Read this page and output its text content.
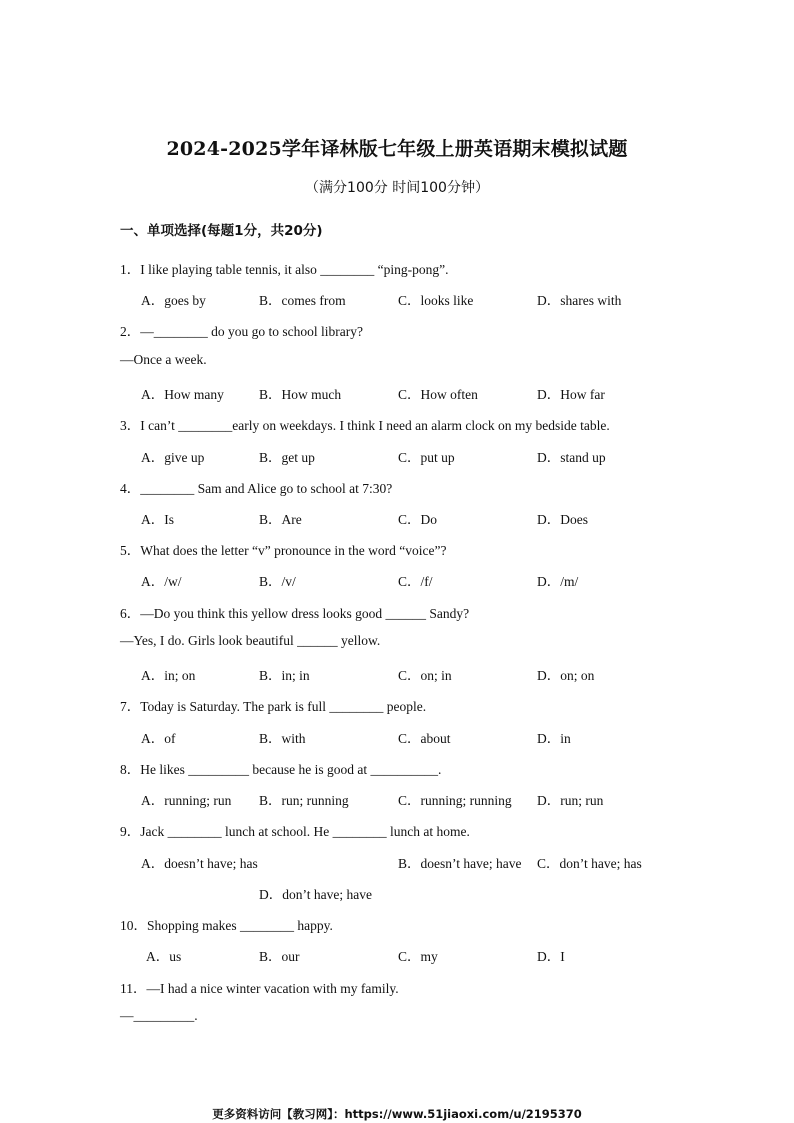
2024-2025学年译林版七年级上册英语期末模拟试题
（满分100分 时间100分钟）
一、单项选择(每题1分，共20分)
1．I like playing table tennis, it also ________ “ping-pong”.
A．goes by	B．comes from	C．looks like	D．shares with
2．—________ do you go to school library?
—Once a week.
A．How many	B．How much	C．How often	D．How far
3．I can’t ________early on weekdays. I think I need an alarm clock on my bedside table.
A．give up	B．get up	C．put up	D．stand up
4．________ Sam and Alice go to school at 7:30?
A．Is	B．Are	C．Do	D．Does
5．What does the letter “v” pronounce in the word “voice”?
A．/w/	B．/v/	C．/f/	D．/m/
6．—Do you think this yellow dress looks good ______ Sandy?
—Yes, I do. Girls look beautiful ______ yellow.
A．in; on	B．in; in	C．on; in	D．on; on
7．Today is Saturday. The park is full ________ people.
A．of	B．with	C．about	D．in
8．He likes _________ because he is good at __________.
A．running; run B．run; running	C．running; running D．run; run
9．Jack ________ lunch at school. He ________ lunch at home.
A．doesn’t have; has	B．doesn’t have; have C．don’t have; has
D．don’t have; have
10．Shopping makes ________ happy.
A．us	B．our	C．my	D．I
11．—I had a nice winter vacation with my family.
—_________.
更多资料访问【教习网】：https://www.51jiaoxi.com/u/2195370
